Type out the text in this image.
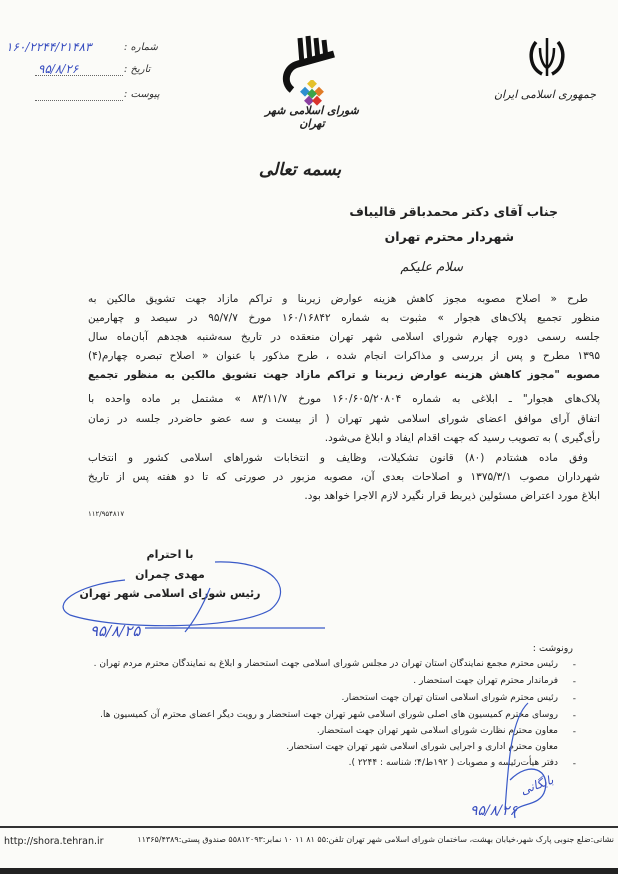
۱۶۰/۲۲۴۴/۲۱۴۸۳	شماره :
۹۵/۸/۲۶	تاریخ :
پیوست :
شورای اسلامی شهر تهران
جمهوری اسلامی ایران
بسمه تعالی
جناب آقای دکتر محمدباقر قالیباف
شهردار محترم تهران
سلام علیکم
طرح « اصلاح مصوبه مجوز کاهش هزینه عوارض زیربنا و تراکم مازاد جهت تشویق مالکین به
منظور تجمیع پلاک‌های هجوار » مثبوت به شماره ۱۶۰/۱۶۸۴۲ مورخ ۹۵/۷/۷ در سیصد و چهارمین
جلسه رسمی دوره چهارم شورای اسلامی شهر تهران منعقده در تاریخ سه‌شنبه هجدهم آبان‌ماه سال
۱۳۹۵ مطرح و پس از بررسی و مذاکرات انجام شده ، طرح مذکور با عنوان « اصلاح تبصره چهارم(۴)
مصوبه "مجوز کاهش هزینه عوارض زیربنا و تراکم مازاد جهت تشویق مالکین به منظور تجمیع
پلاک‌های هجوار" ـ ابلاغی به شماره ۱۶۰/۶۰۵/۲۰۸۰۴ مورخ ۸۳/۱۱/۷ » مشتمل بر ماده واحده با
اتفاق آرای موافق اعضای شورای اسلامی شهر تهران ( از بیست و سه عضو حاضردر جلسه در زمان
رأی‌گیری ) به تصویب رسید که جهت اقدام ایفاد و ابلاغ می‌شود.
وفق ماده هشتادم (۸۰) قانون تشکیلات، وظایف و انتخابات شوراهای اسلامی کشور و انتخاب
شهرداران مصوب ۱۳۷۵/۳/۱ و اصلاحات بعدی آن، مصوبه مزبور در صورتی که تا دو هفته پس از تاریخ
ابلاغ مورد اعتراض مسئولین ذیربط قرار نگیرد لازم الاجرا خواهد بود.
۱۱۲/۹۵۴۸۱۷
با احترام
مهدی چمران
رئیس شورای اسلامی شهر تهران
۹۵/۸/۲۵
رونوشت :
-
رئیس محترم مجمع نمایندگان استان تهران در مجلس شورای اسلامی جهت استحضار و ابلاغ به نمایندگان محترم مردم تهران .
-
فرماندار محترم تهران جهت استحضار .
-
رئیس محترم شورای اسلامی استان تهران جهت استحضار.
-
روسای محترم کمیسیون های اصلی شورای اسلامی شهر تهران جهت استحضار و رویت دیگر اعضای محترم آن کمیسیون ها.
-
معاون محترم نظارت شورای اسلامی شهر تهران جهت استحضار.
معاون محترم اداری و اجرایی شورای اسلامی شهر تهران جهت استحضار.
-
دفتر هیأت‌رئیسه و مصوبات ( ۱۹۲ط/۴؛ شناسه : ۲۲۴۴ ).
بایگانی
۹۵/۸/۲۶
نشانی:ضلع جنوبی پارک شهر،خیابان بهشت، ساختمان شورای اسلامی شهر تهران تلفن:۵۵ ۸۱ ۱۱ ۱۰ نمابر:۵۵۸۱۲۰۹۳ صندوق پستی:۱۱۳۶۵/۴۳۸۹
http://shora.tehran.ir
